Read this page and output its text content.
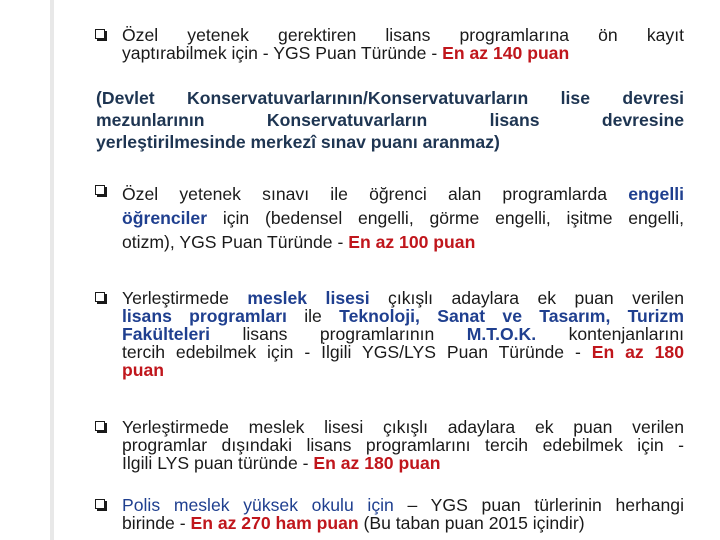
Özel yetenek gerektiren lisans programlarına ön kayıt

yaptırabilmek için - YGS Puan Türünde - En az 140 puan

(Devlet Konservatuvarlarının/Konservatuvarların lise devresi

mezunlarının Konservatuvarların lisans devresine

yerleştirilmesinde merkezî sınav puanı aranmaz)

Özel yetenek sınavı ile öğrenci alan programlarda engelli

öğrenciler için (bedensel engelli, görme engelli, işitme engelli,

otizm), YGS Puan Türünde - En az 100 puan

Yerleştirmede meslek lisesi çıkışlı adaylara ek puan verilen

lisans programları ile Teknoloji, Sanat ve Tasarım, Turizm

Fakülteleri lisans programlarının M.T.O.K. kontenjanlarını

tercih edebilmek için - İlgili YGS/LYS Puan Türünde - En az 180

puan

Yerleştirmede meslek lisesi çıkışlı adaylara ek puan verilen

programlar dışındaki lisans programlarını tercih edebilmek için -

İlgili LYS puan türünde - En az 180 puan

Polis meslek yüksek okulu için – YGS puan türlerinin herhangi

birinde - En az 270 ham puan (Bu taban puan 2015 içindir)
